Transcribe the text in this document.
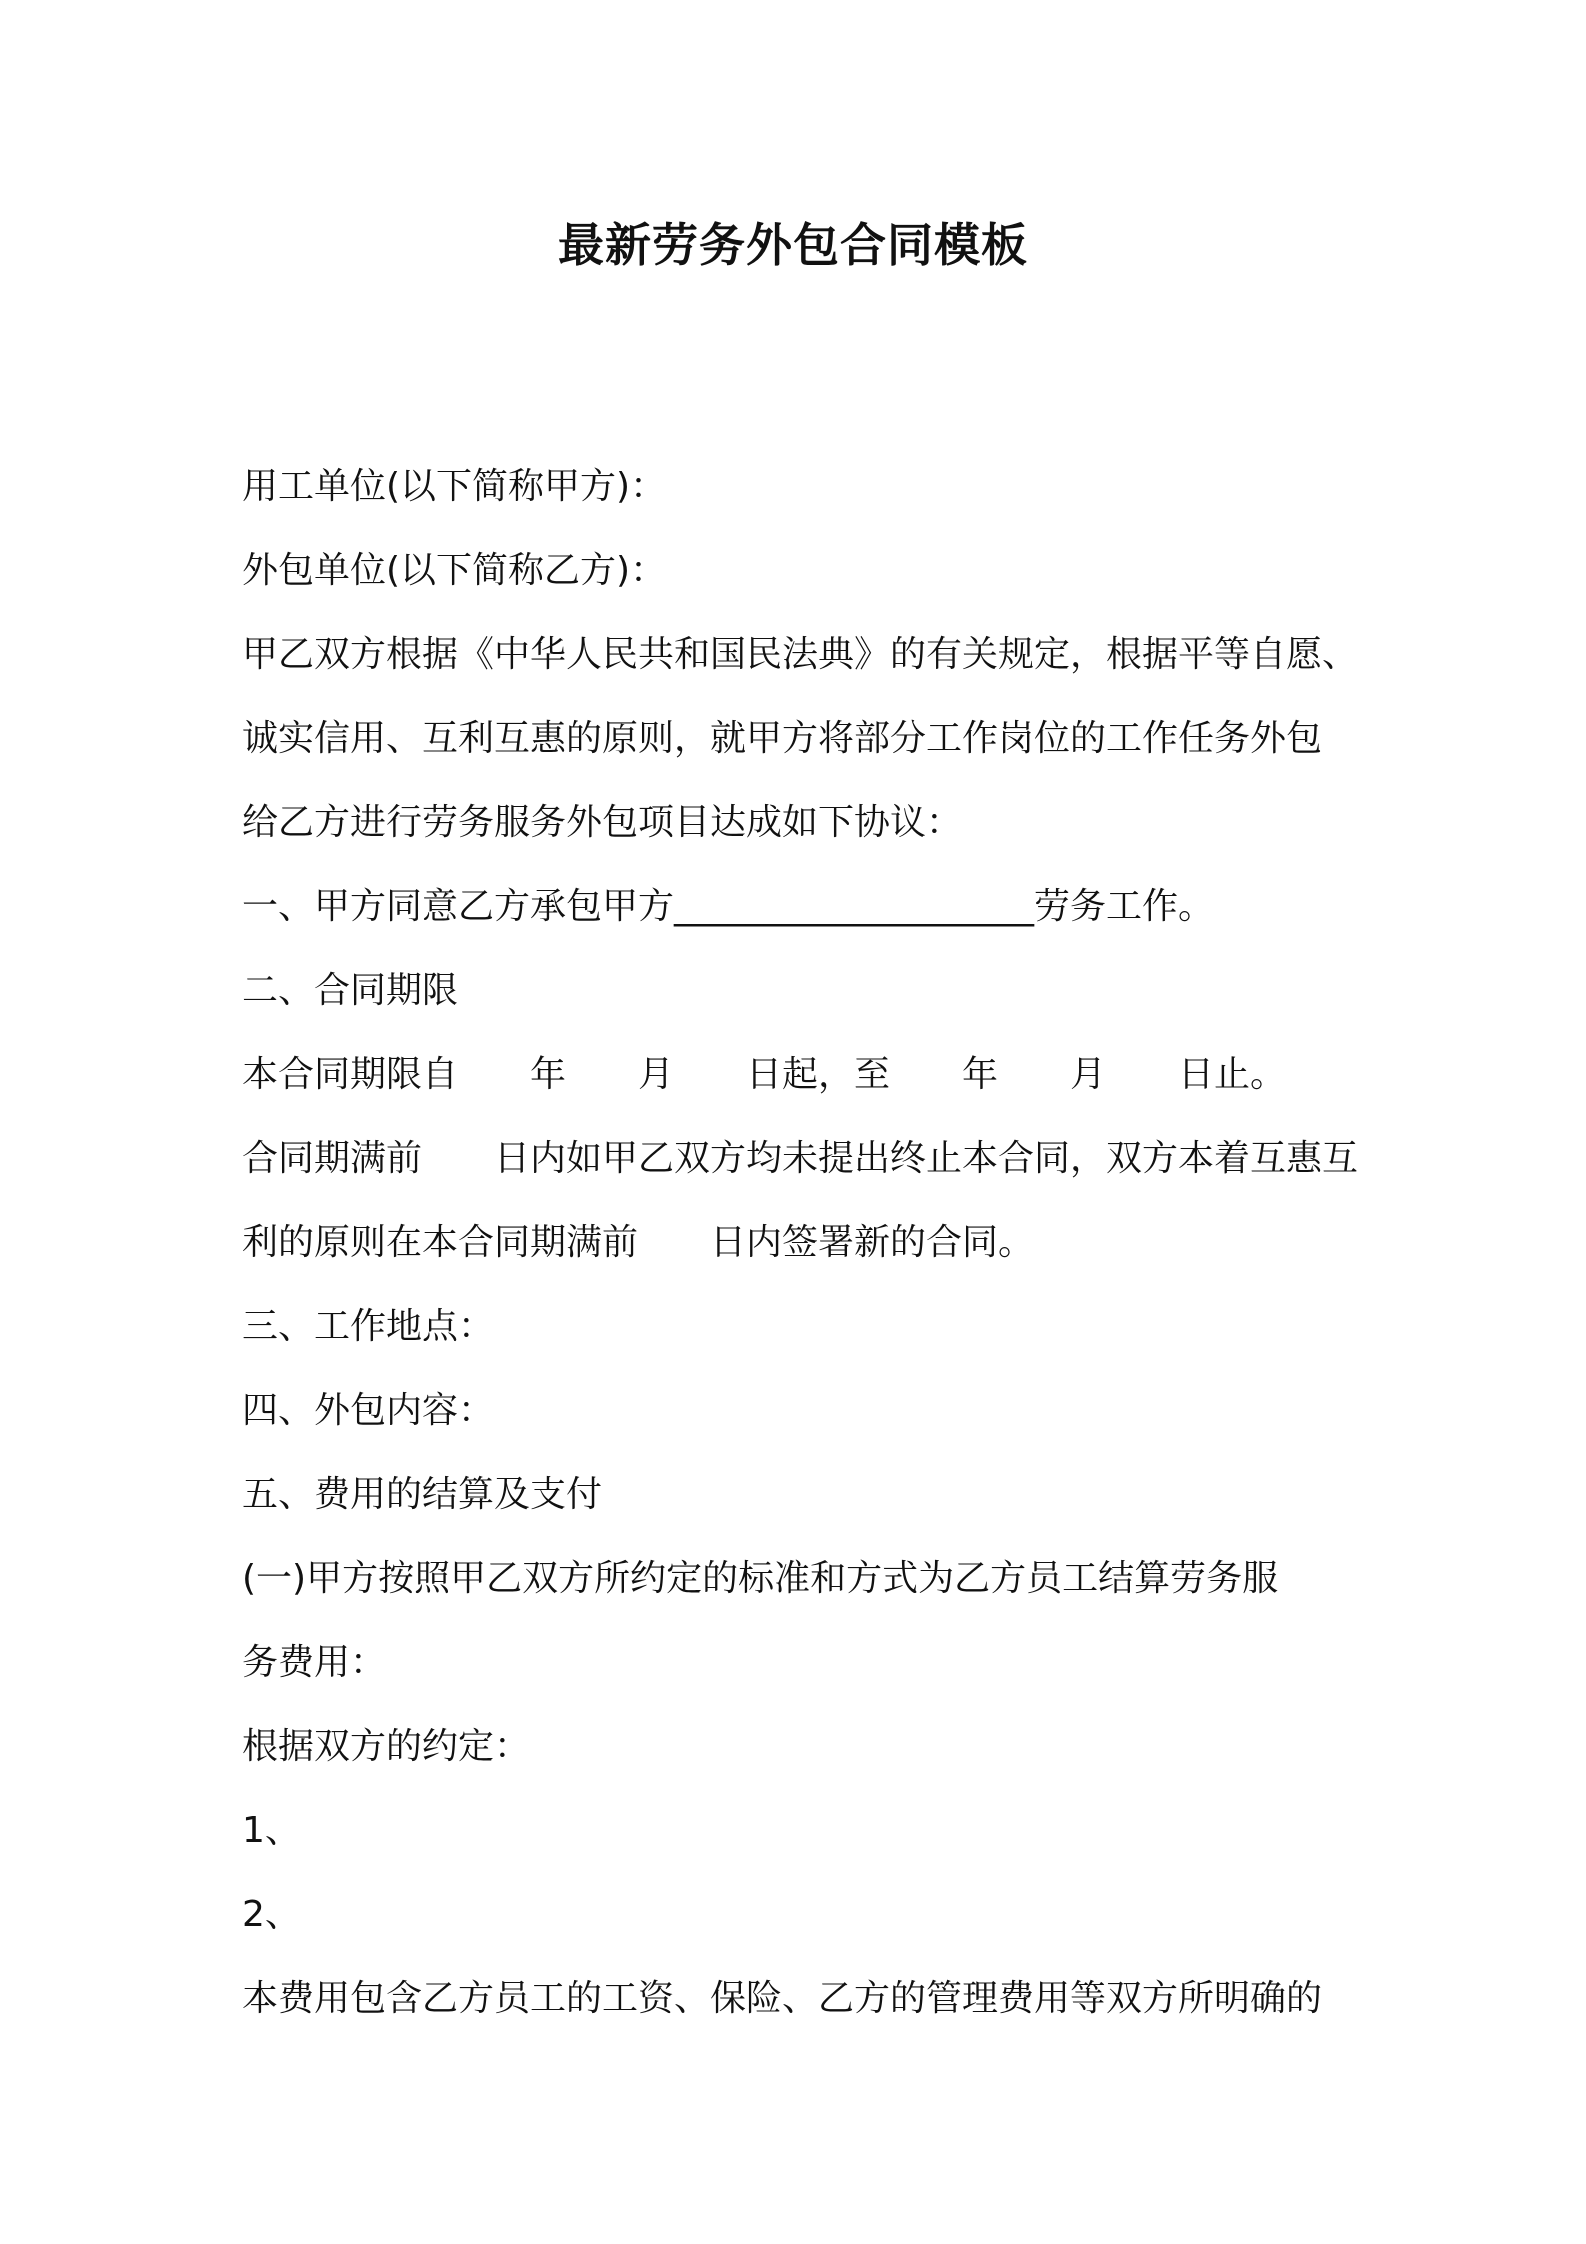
最新劳务外包合同模板
用工单位(以下简称甲方)：
外包单位(以下简称乙方)：
甲乙双方根据《中华人民共和国民法典》的有关规定，根据平等自愿、
诚实信用、互利互惠的原则，就甲方将部分工作岗位的工作任务外包
给乙方进行劳务服务外包项目达成如下协议：
一、甲方同意乙方承包甲方____________________劳务工作。
二、合同期限
本合同期限自　　年　　月　　日起，至　　年　　月　　日止。
合同期满前　　日内如甲乙双方均未提出终止本合同，双方本着互惠互
利的原则在本合同期满前　　日内签署新的合同。
三、工作地点：
四、外包内容：
五、费用的结算及支付
(一)甲方按照甲乙双方所约定的标准和方式为乙方员工结算劳务服
务费用：
根据双方的约定：
1、
2、
本费用包含乙方员工的工资、保险、乙方的管理费用等双方所明确的
